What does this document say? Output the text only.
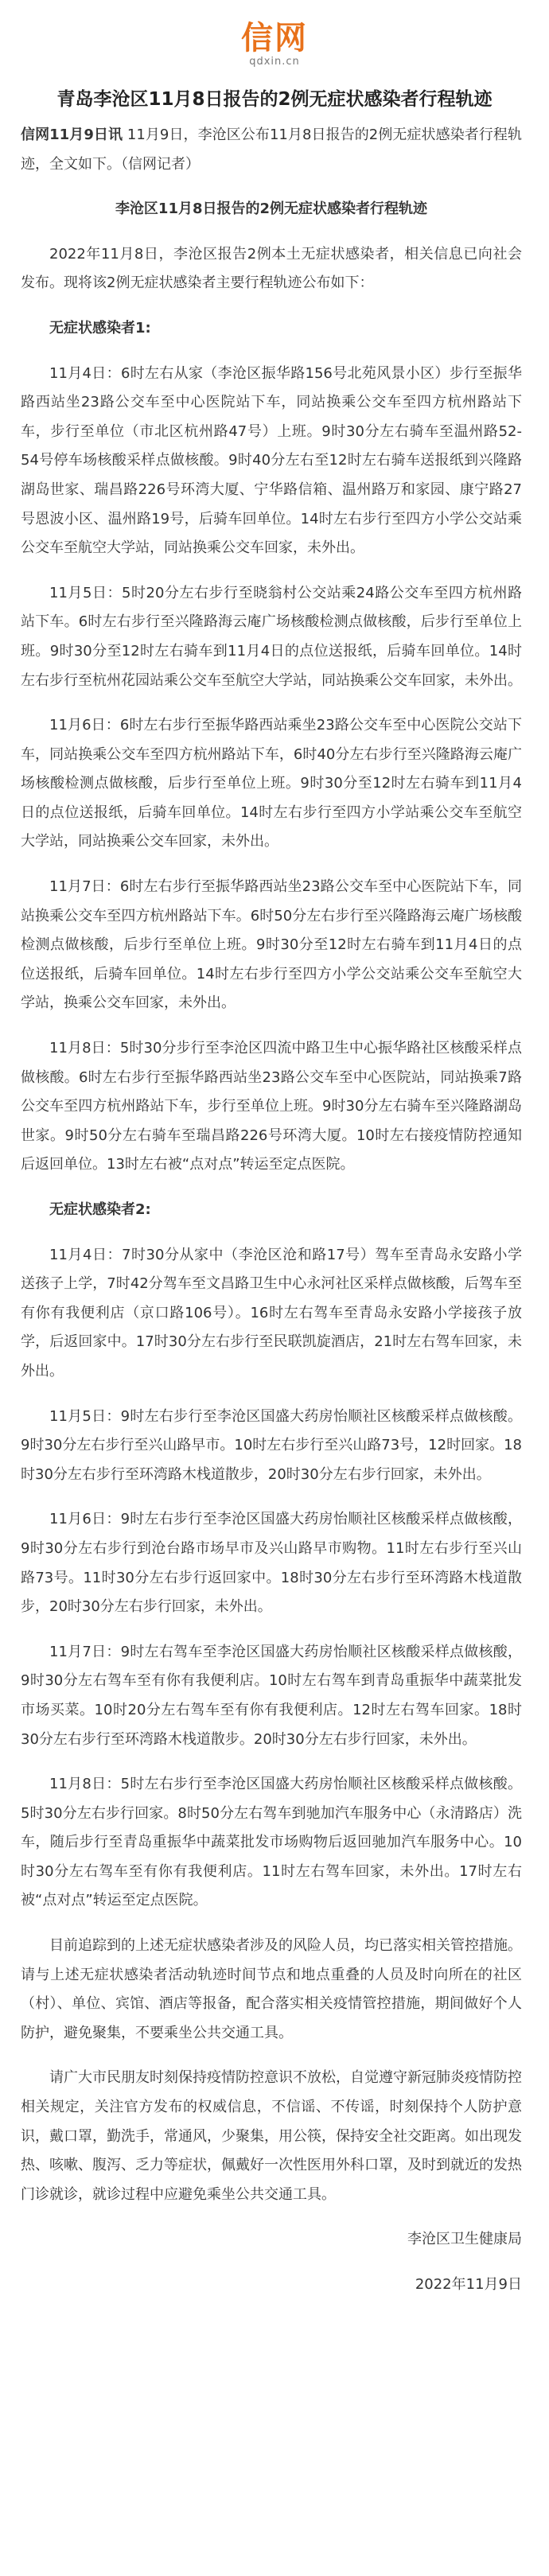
信网
qdxin.cn
青岛李沧区11月8日报告的2例无症状感染者行程轨迹

信网11月9日讯 11月9日，李沧区公布11月8日报告的2例无症状感染者行程轨迹，全文如下。（信网记者）

李沧区11月8日报告的2例无症状感染者行程轨迹

2022年11月8日，李沧区报告2例本土无症状感染者，相关信息已向社会发布。现将该2例无症状感染者主要行程轨迹公布如下：

无症状感染者1:

11月4日：6时左右从家（李沧区振华路156号北苑风景小区）步行至振华路西站坐23路公交车至中心医院站下车，同站换乘公交车至四方杭州路站下车，步行至单位（市北区杭州路47号）上班。9时30分左右骑车至温州路52-54号停车场核酸采样点做核酸。9时40分左右至12时左右骑车送报纸到兴隆路湖岛世家、瑞昌路226号环湾大厦、宁华路信箱、温州路万和家园、康宁路27号恩波小区、温州路19号，后骑车回单位。14时左右步行至四方小学公交站乘公交车至航空大学站，同站换乘公交车回家，未外出。

11月5日：5时20分左右步行至晓翁村公交站乘24路公交车至四方杭州路站下车。6时左右步行至兴隆路海云庵广场核酸检测点做核酸，后步行至单位上班。9时30分至12时左右骑车到11月4日的点位送报纸，后骑车回单位。14时左右步行至杭州花园站乘公交车至航空大学站，同站换乘公交车回家，未外出。

11月6日：6时左右步行至振华路西站乘坐23路公交车至中心医院公交站下车，同站换乘公交车至四方杭州路站下车，6时40分左右步行至兴隆路海云庵广场核酸检测点做核酸，后步行至单位上班。9时30分至12时左右骑车到11月4日的点位送报纸，后骑车回单位。14时左右步行至四方小学站乘公交车至航空大学站，同站换乘公交车回家，未外出。

11月7日：6时左右步行至振华路西站坐23路公交车至中心医院站下车，同站换乘公交车至四方杭州路站下车。6时50分左右步行至兴隆路海云庵广场核酸检测点做核酸，后步行至单位上班。9时30分至12时左右骑车到11月4日的点位送报纸，后骑车回单位。14时左右步行至四方小学公交站乘公交车至航空大学站，换乘公交车回家，未外出。

11月8日：5时30分步行至李沧区四流中路卫生中心振华路社区核酸采样点做核酸。6时左右步行至振华路西站坐23路公交车至中心医院站，同站换乘7路公交车至四方杭州路站下车，步行至单位上班。9时30分左右骑车至兴隆路湖岛世家。9时50分左右骑车至瑞昌路226号环湾大厦。10时左右接疫情防控通知后返回单位。13时左右被“点对点”转运至定点医院。

无症状感染者2:

11月4日：7时30分从家中（李沧区沧和路17号）驾车至青岛永安路小学送孩子上学，7时42分驾车至文昌路卫生中心永河社区采样点做核酸，后驾车至有你有我便利店（京口路106号）。16时左右驾车至青岛永安路小学接孩子放学，后返回家中。17时30分左右步行至民联凯旋酒店，21时左右驾车回家，未外出。

11月5日：9时左右步行至李沧区国盛大药房怡顺社区核酸采样点做核酸。9时30分左右步行至兴山路早市。10时左右步行至兴山路73号，12时回家。18时30分左右步行至环湾路木栈道散步，20时30分左右步行回家，未外出。

11月6日：9时左右步行至李沧区国盛大药房怡顺社区核酸采样点做核酸，9时30分左右步行到沧台路市场早市及兴山路早市购物。11时左右步行至兴山路73号。11时30分左右步行返回家中。18时30分左右步行至环湾路木栈道散步，20时30分左右步行回家，未外出。

11月7日：9时左右驾车至李沧区国盛大药房怡顺社区核酸采样点做核酸，9时30分左右驾车至有你有我便利店。10时左右驾车到青岛重振华中蔬菜批发市场买菜。10时20分左右驾车至有你有我便利店。12时左右驾车回家。18时30分左右步行至环湾路木栈道散步。20时30分左右步行回家，未外出。

11月8日：5时左右步行至李沧区国盛大药房怡顺社区核酸采样点做核酸。5时30分左右步行回家。8时50分左右驾车到驰加汽车服务中心（永清路店）洗车，随后步行至青岛重振华中蔬菜批发市场购物后返回驰加汽车服务中心。10时30分左右驾车至有你有我便利店。11时左右驾车回家，未外出。17时左右被“点对点”转运至定点医院。

目前追踪到的上述无症状感染者涉及的风险人员，均已落实相关管控措施。请与上述无症状感染者活动轨迹时间节点和地点重叠的人员及时向所在的社区（村）、单位、宾馆、酒店等报备，配合落实相关疫情管控措施，期间做好个人防护，避免聚集，不要乘坐公共交通工具。

请广大市民朋友时刻保持疫情防控意识不放松，自觉遵守新冠肺炎疫情防控相关规定，关注官方发布的权威信息，不信谣、不传谣，时刻保持个人防护意识，戴口罩，勤洗手，常通风，少聚集，用公筷，保持安全社交距离。如出现发热、咳嗽、腹泻、乏力等症状，佩戴好一次性医用外科口罩，及时到就近的发热门诊就诊，就诊过程中应避免乘坐公共交通工具。

李沧区卫生健康局

2022年11月9日
